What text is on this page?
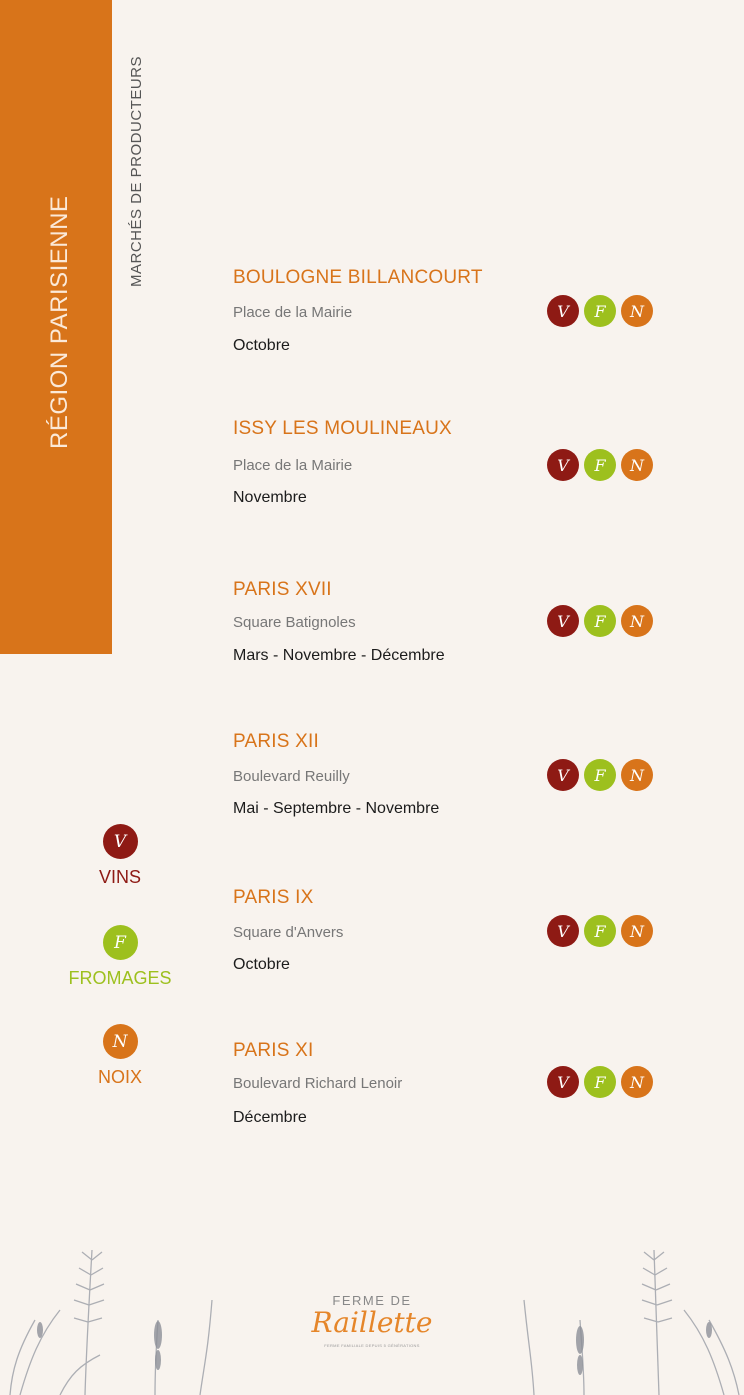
RÉGION PARISIENNE
MARCHÉS DE PRODUCTEURS	BOULOGNE BILLANCOURT
Place de la Mairie
Octobre
V	F	N
ISSY LES MOULINEAUX
Place de la Mairie
Novembre
V	F	N
PARIS XVII
Square Batignoles
Mars - Novembre - Décembre
V	F	N
PARIS XII
Boulevard Reuilly
Mai - Septembre - Novembre
V	F	N
PARIS IX
Square d'Anvers
Octobre
V	F	N
PARIS XI
Boulevard Richard Lenoir
Décembre
V	F	N
V
VINS
F
FROMAGES
N
NOIX
FERME DE
Raillette
FERME FAMILIALE DEPUIS 5 GÉNÉRATIONS
